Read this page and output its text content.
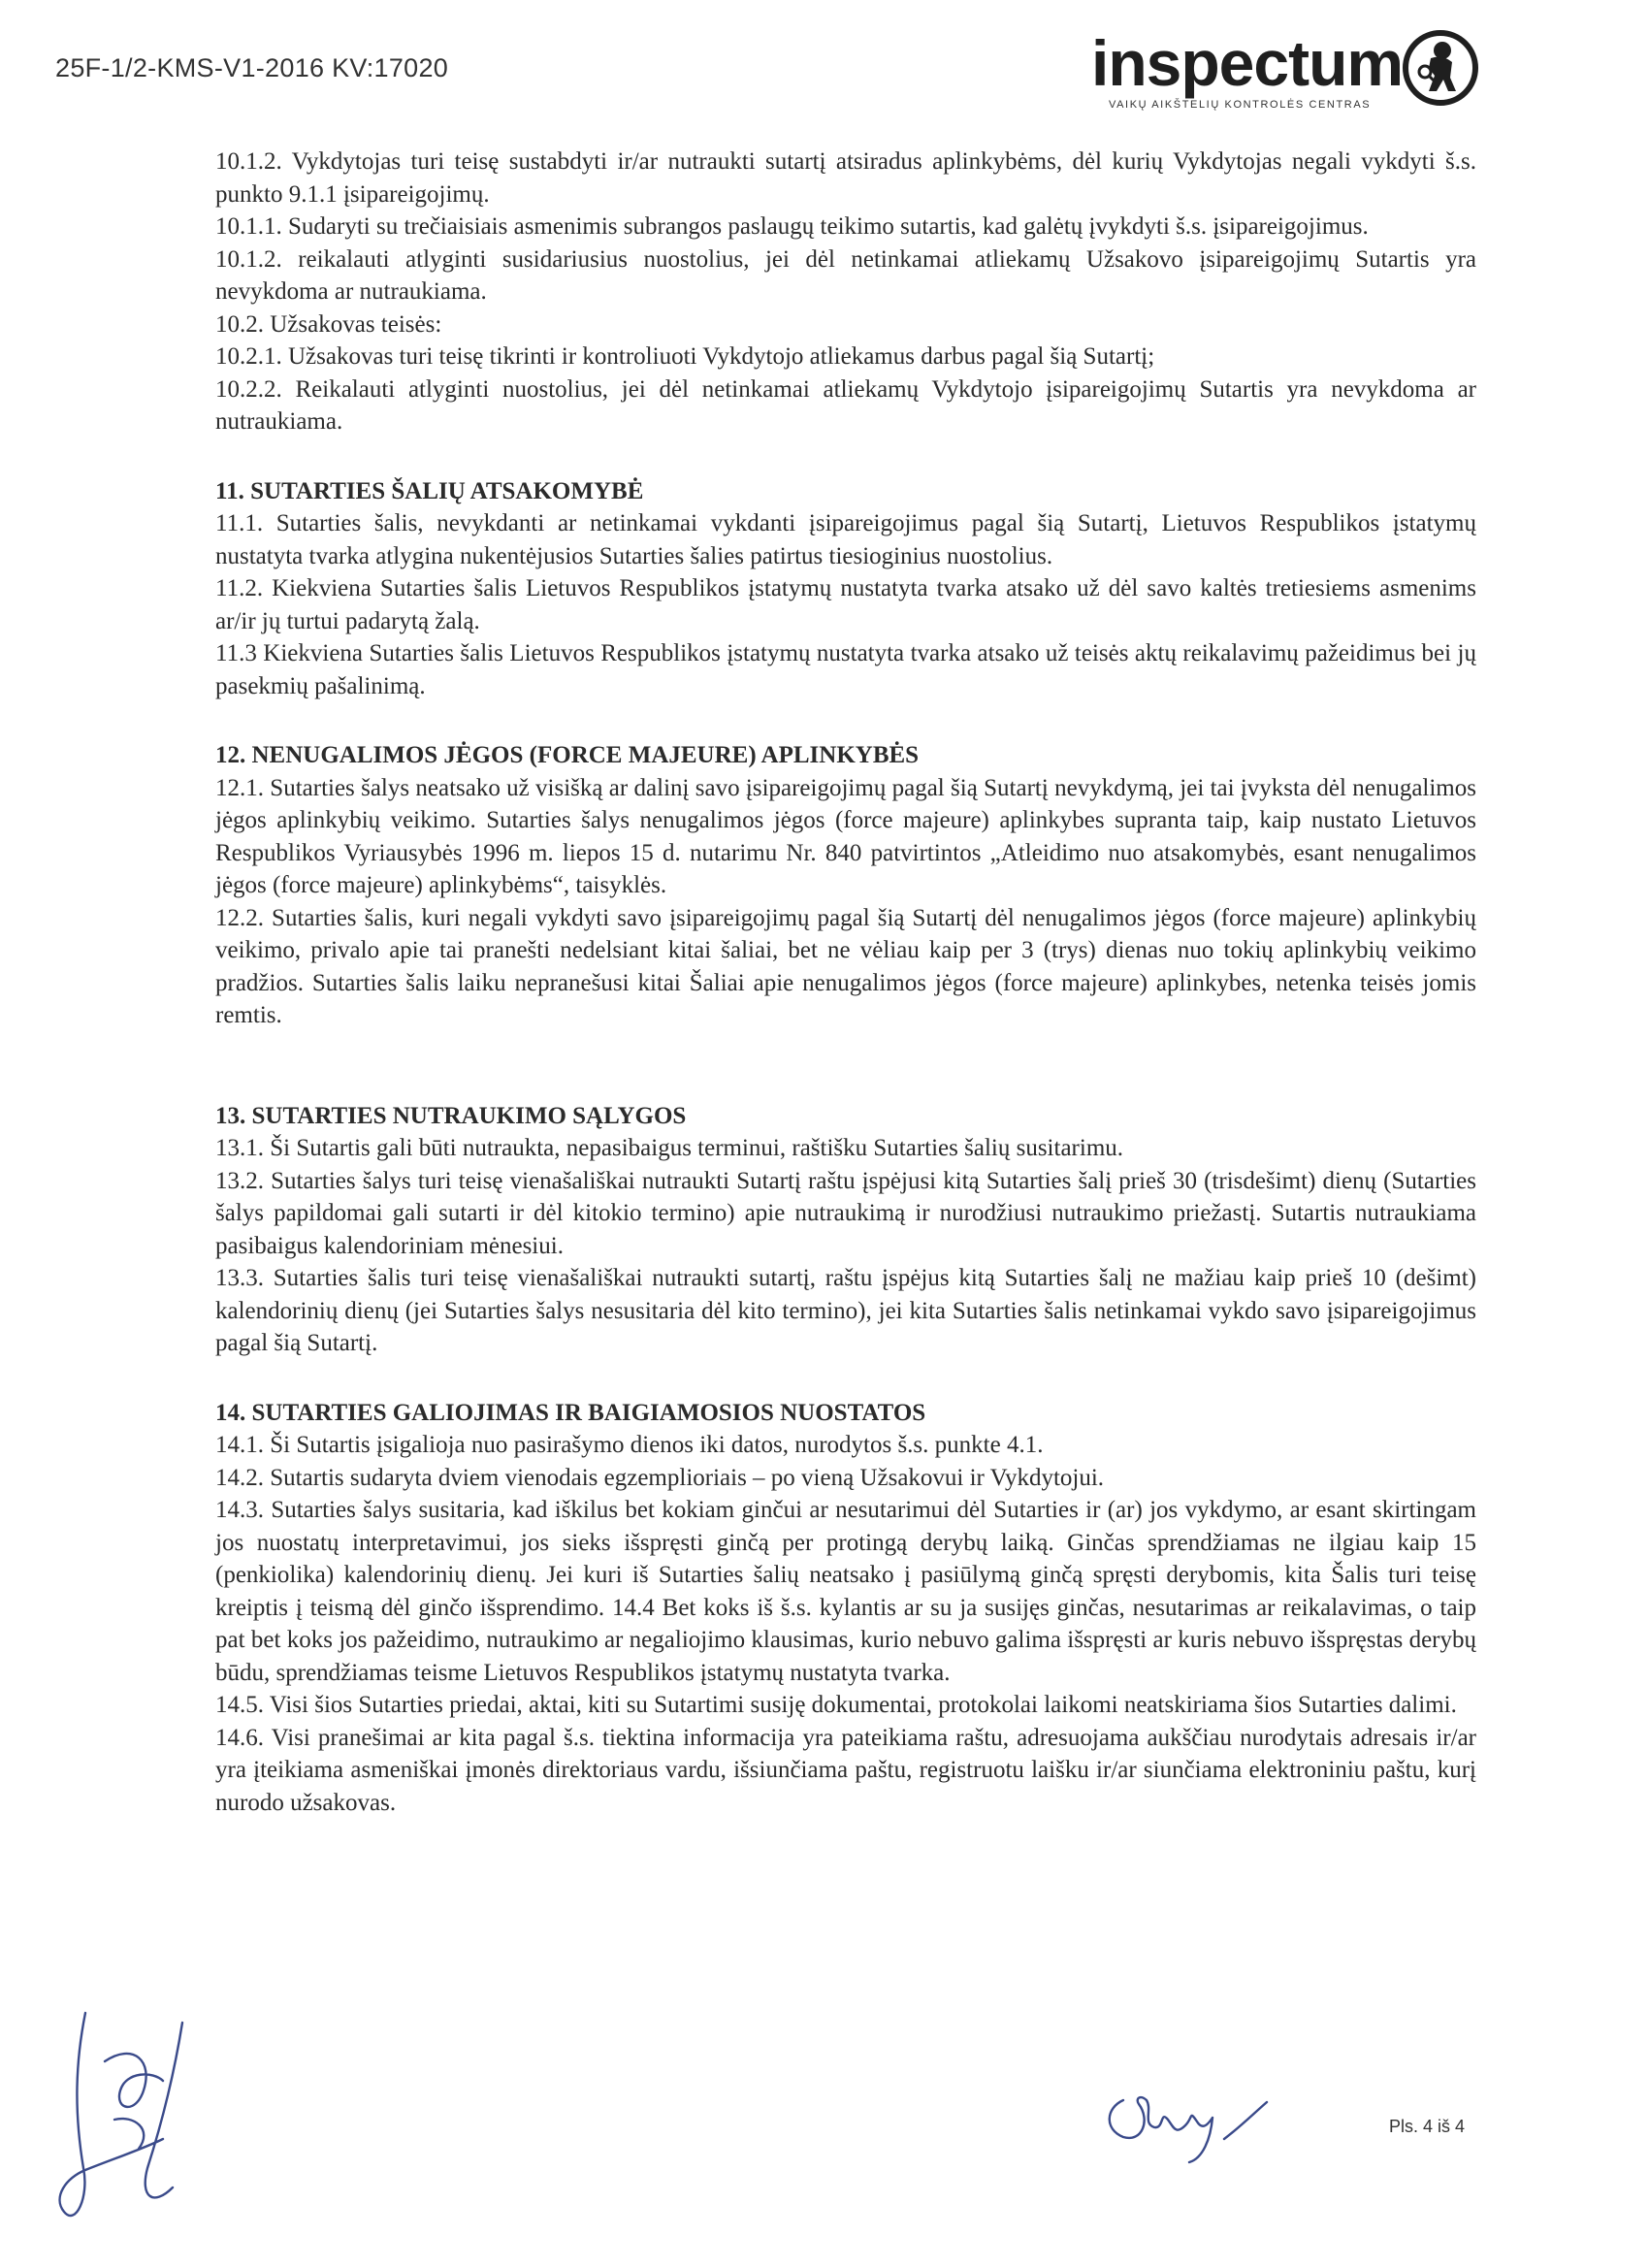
25F-1/2-KMS-V1-2016 KV:17020	inspectum
VAIKŲ AIKŠTELIŲ KONTROLĖS CENTRAS

10.1.2. Vykdytojas turi teisę sustabdyti ir/ar nutraukti sutartį atsiradus aplinkybėms, dėl kurių Vykdytojas negali vykdyti š.s. punkto 9.1.1 įsipareigojimų.

10.1.1. Sudaryti su trečiaisiais asmenimis subrangos paslaugų teikimo sutartis, kad galėtų įvykdyti š.s. įsipareigojimus.

10.1.2. reikalauti atlyginti susidariusius nuostolius, jei dėl netinkamai atliekamų Užsakovo įsipareigojimų Sutartis yra nevykdoma ar nutraukiama.

10.2. Užsakovas teisės:

10.2.1. Užsakovas turi teisę tikrinti ir kontroliuoti Vykdytojo atliekamus darbus pagal šią Sutartį;

10.2.2. Reikalauti atlyginti nuostolius, jei dėl netinkamai atliekamų Vykdytojo įsipareigojimų Sutartis yra nevykdoma ar nutraukiama.

11. SUTARTIES ŠALIŲ ATSAKOMYBĖ

11.1. Sutarties šalis, nevykdanti ar netinkamai vykdanti įsipareigojimus pagal šią Sutartį, Lietuvos Respublikos įstatymų nustatyta tvarka atlygina nukentėjusios Sutarties šalies patirtus tiesioginius nuostolius.

11.2. Kiekviena Sutarties šalis Lietuvos Respublikos įstatymų nustatyta tvarka atsako už dėl savo kaltės tretiesiems asmenims ar/ir jų turtui padarytą žalą.

11.3 Kiekviena Sutarties šalis Lietuvos Respublikos įstatymų nustatyta tvarka atsako už teisės aktų reikalavimų pažeidimus bei jų pasekmių pašalinimą.

12. NENUGALIMOS JĖGOS (FORCE MAJEURE) APLINKYBĖS

12.1. Sutarties šalys neatsako už visišką ar dalinį savo įsipareigojimų pagal šią Sutartį nevykdymą, jei tai įvyksta dėl nenugalimos jėgos aplinkybių veikimo. Sutarties šalys nenugalimos jėgos (force majeure) aplinkybes supranta taip, kaip nustato Lietuvos Respublikos Vyriausybės 1996 m. liepos 15 d. nutarimu Nr. 840 patvirtintos „Atleidimo nuo atsakomybės, esant nenugalimos jėgos (force majeure) aplinkybėms“, taisyklės.

12.2. Sutarties šalis, kuri negali vykdyti savo įsipareigojimų pagal šią Sutartį dėl nenugalimos jėgos (force majeure) aplinkybių veikimo, privalo apie tai pranešti nedelsiant kitai šaliai, bet ne vėliau kaip per 3 (trys) dienas nuo tokių aplinkybių veikimo pradžios. Sutarties šalis laiku nepranešusi kitai Šaliai apie nenugalimos jėgos (force majeure) aplinkybes, netenka teisės jomis remtis.

13. SUTARTIES NUTRAUKIMO SĄLYGOS

13.1. Ši Sutartis gali būti nutraukta, nepasibaigus terminui, raštišku Sutarties šalių susitarimu.

13.2. Sutarties šalys turi teisę vienašališkai nutraukti Sutartį raštu įspėjusi kitą Sutarties šalį prieš 30 (trisdešimt) dienų (Sutarties šalys papildomai gali sutarti ir dėl kitokio termino) apie nutraukimą ir nurodžiusi nutraukimo priežastį. Sutartis nutraukiama pasibaigus kalendoriniam mėnesiui.

13.3. Sutarties šalis turi teisę vienašališkai nutraukti sutartį, raštu įspėjus kitą Sutarties šalį ne mažiau kaip prieš 10 (dešimt) kalendorinių dienų (jei Sutarties šalys nesusitaria dėl kito termino), jei kita Sutarties šalis netinkamai vykdo savo įsipareigojimus pagal šią Sutartį.

14. SUTARTIES GALIOJIMAS IR BAIGIAMOSIOS NUOSTATOS

14.1. Ši Sutartis įsigalioja nuo pasirašymo dienos iki datos, nurodytos š.s. punkte 4.1.

14.2. Sutartis sudaryta dviem vienodais egzemplioriais – po vieną Užsakovui ir Vykdytojui.

14.3. Sutarties šalys susitaria, kad iškilus bet kokiam ginčui ar nesutarimui dėl Sutarties ir (ar) jos vykdymo, ar esant skirtingam jos nuostatų interpretavimui, jos sieks išspręsti ginčą per protingą derybų laiką. Ginčas sprendžiamas ne ilgiau kaip 15 (penkiolika) kalendorinių dienų. Jei kuri iš Sutarties šalių neatsako į pasiūlymą ginčą spręsti derybomis, kita Šalis turi teisę kreiptis į teismą dėl ginčo išsprendimo. 14.4 Bet koks iš š.s. kylantis ar su ja susijęs ginčas, nesutarimas ar reikalavimas, o taip pat bet koks jos pažeidimo, nutraukimo ar negaliojimo klausimas, kurio nebuvo galima išspręsti ar kuris nebuvo išspręstas derybų būdu, sprendžiamas teisme Lietuvos Respublikos įstatymų nustatyta tvarka.

14.5. Visi šios Sutarties priedai, aktai, kiti su Sutartimi susiję dokumentai, protokolai laikomi neatskiriama šios Sutarties dalimi.

14.6. Visi pranešimai ar kita pagal š.s. tiektina informacija yra pateikiama raštu, adresuojama aukščiau nurodytais adresais ir/ar yra įteikiama asmeniškai įmonės direktoriaus vardu, išsiunčiama paštu, registruotu laišku ir/ar siunčiama elektroniniu paštu, kurį nurodo užsakovas.

Pls. 4 iš 4
